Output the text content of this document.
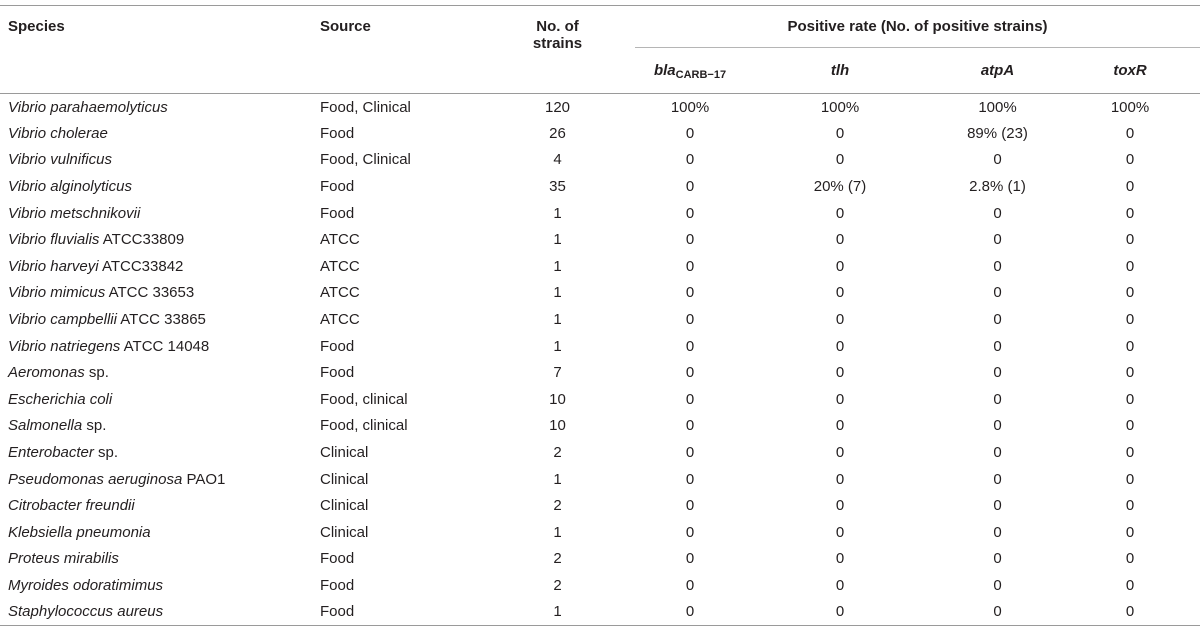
Species	Source	No. of
strains	Positive rate (No. of positive strains)			
			bla$_{CARB-17}$	tlh	atpA	toxR
Vibrio parahaemolyticus	Food, Clinical	120	100%	100%	100%	100%
Vibrio cholerae	Food	26	0	0	89% (23)	0
Vibrio vulnificus	Food, Clinical	4	0	0	0	0
Vibrio alginolyticus	Food	35	0	20% (7)	2.8% (1)	0
Vibrio metschnikovii	Food	1	0	0	0	0
Vibrio fluvialis ATCC33809	ATCC	1	0	0	0	0
Vibrio harveyi ATCC33842	ATCC	1	0	0	0	0
Vibrio mimicus ATCC 33653	ATCC	1	0	0	0	0
Vibrio campbellii ATCC 33865	ATCC	1	0	0	0	0
Vibrio natriegens ATCC 14048	Food	1	0	0	0	0
Aeromonas sp.	Food	7	0	0	0	0
Escherichia coli	Food, clinical	10	0	0	0	0
Salmonella sp.	Food, clinical	10	0	0	0	0
Enterobacter sp.	Clinical	2	0	0	0	0
Pseudomonas aeruginosa PAO1	Clinical	1	0	0	0	0
Citrobacter freundii	Clinical	2	0	0	0	0
Klebsiella pneumonia	Clinical	1	0	0	0	0
Proteus mirabilis	Food	2	0	0	0	0
Myroides odoratimimus	Food	2	0	0	0	0
Staphylococcus aureus	Food	1	0	0	0	0
